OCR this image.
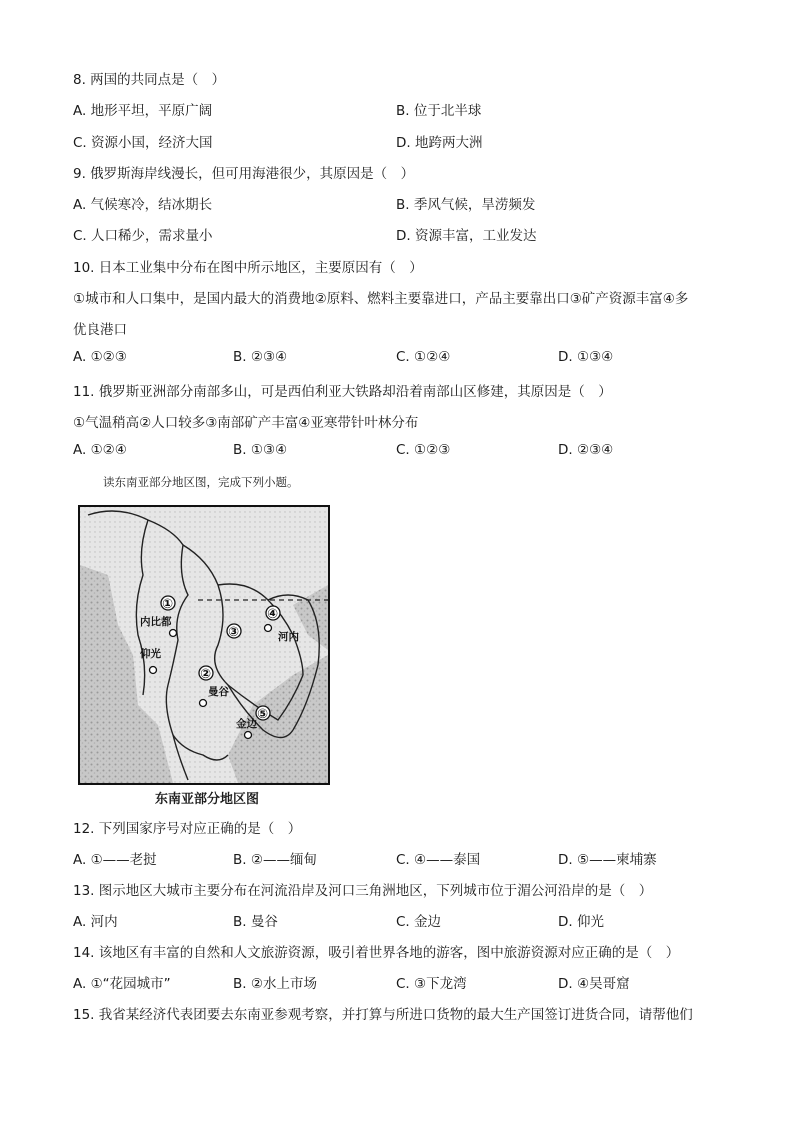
8. 两国的共同点是（　）
A. 地形平坦，平原广阔	B. 位于北半球
C. 资源小国，经济大国	D. 地跨两大洲
9. 俄罗斯海岸线漫长，但可用海港很少，其原因是（　）
A. 气候寒冷，结冰期长	B. 季风气候，旱涝频发
C. 人口稀少，需求量小	D. 资源丰富，工业发达
10. 日本工业集中分布在图中所示地区，主要原因有（　）
①城市和人口集中，是国内最大的消费地②原料、燃料主要靠进口，产品主要靠出口③矿产资源丰富④多
优良港口
A. ①②③	B. ②③④	C. ①②④	D. ①③④
11. 俄罗斯亚洲部分南部多山，可是西伯利亚大铁路却沿着南部山区修建，其原因是（　）
①气温稍高②人口较多③南部矿产丰富④亚寒带针叶林分布
A. ①②④	B. ①③④	C. ①②③	D. ②③④
读东南亚部分地区图，完成下列小题。
①
②
③
④
⑤
内比都
仰光
曼谷
河内
金边
东南亚部分地区图
12. 下列国家序号对应正确的是（　）
A. ①——老挝	B. ②——缅甸	C. ④——泰国	D. ⑤——柬埔寨
13. 图示地区大城市主要分布在河流沿岸及河口三角洲地区，下列城市位于湄公河沿岸的是（　）
A. 河内	B. 曼谷	C. 金边	D. 仰光
14. 该地区有丰富的自然和人文旅游资源，吸引着世界各地的游客，图中旅游资源对应正确的是（　）
A. ①“花园城市”	B. ②水上市场	C. ③下龙湾	D. ④吴哥窟
15. 我省某经济代表团要去东南亚参观考察，并打算与所进口货物的最大生产国签订进货合同，请帮他们
